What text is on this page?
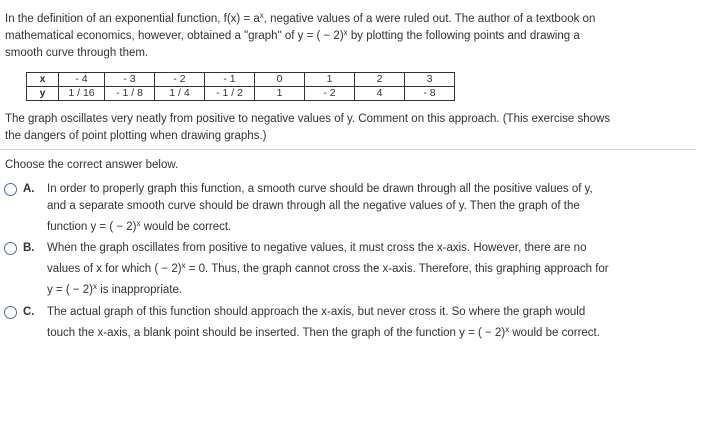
In the definition of an exponential function, $f(x) = a^x$, negative values of a were ruled out. The author of a textbook on

mathematical economics, however, obtained a "graph" of y = ( − 2)$^x$ by plotting the following points and drawing a

smooth curve through them.

x	- 4	- 3	- 2	- 1	0	1	2	3
y	1 / 16	- 1 / 8	1 / 4	- 1 / 2	1	- 2	4	- 8
The graph oscillates very neatly from positive to negative values of y. Comment on this approach. (This exercise shows
the dangers of point plotting when drawing graphs.)
Choose the correct answer below.
A. In order to properly graph this function, a smooth curve should be drawn through all the positive values of y,

and a separate smooth curve should be drawn through all the negative values of y. Then the graph of the

function y = ( − 2)$^x$ would be correct.

B. When the graph oscillates from positive to negative values, it must cross the x-axis. However, there are no

values of x for which ( − 2)$^x$ = 0. Thus, the graph cannot cross the x-axis. Therefore, this graphing approach for

y = ( − 2)$^x$ is inappropriate.

C. The actual graph of this function should approach the x-axis, but never cross it. So where the graph would

touch the x-axis, a blank point should be inserted. Then the graph of the function y = ( − 2)$^x$ would be correct.
